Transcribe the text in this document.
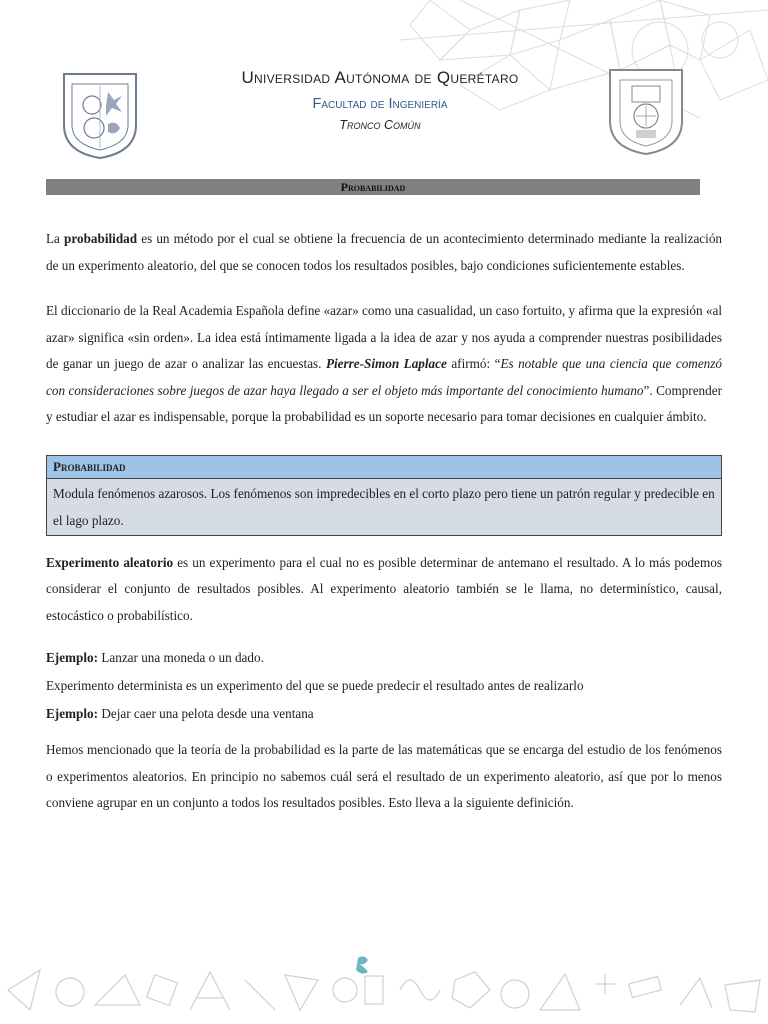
Universidad Autónoma de Querétaro
Facultad de Ingeniería
Tronco Común
Probabilidad

La probabilidad es un método por el cual se obtiene la frecuencia de un acontecimiento determinado mediante la realización de un experimento aleatorio, del que se conocen todos los resultados posibles, bajo condiciones suficientemente estables.

El diccionario de la Real Academia Española define «azar» como una casualidad, un caso fortuito, y afirma que la expresión «al azar» significa «sin orden». La idea está íntimamente ligada a la idea de azar y nos ayuda a comprender nuestras posibilidades de ganar un juego de azar o analizar las encuestas. Pierre-Simon Laplace afirmó: “Es notable que una ciencia que comenzó con consideraciones sobre juegos de azar haya llegado a ser el objeto más importante del conocimiento humano”. Comprender y estudiar el azar es indispensable, porque la probabilidad es un soporte necesario para tomar decisiones en cualquier ámbito.

Probabilidad
Modula fenómenos azarosos. Los fenómenos son impredecibles en el corto plazo pero tiene un patrón regular y predecible en el lago plazo.

Experimento aleatorio es un experimento para el cual no es posible determinar de antemano el resultado. A lo más podemos considerar el conjunto de resultados posibles. Al experimento aleatorio también se le llama, no determinístico, causal, estocástico o probabilístico.

Ejemplo: Lanzar una moneda o un dado.

Experimento determinista es un experimento del que se puede predecir el resultado antes de realizarlo

Ejemplo: Dejar caer una pelota desde una ventana

Hemos mencionado que la teoría de la probabilidad es la parte de las matemáticas que se encarga del estudio de los fenómenos o experimentos aleatorios. En principio no sabemos cuál será el resultado de un experimento aleatorio, así que por lo menos conviene agrupar en un conjunto a todos los resultados posibles. Esto lleva a la siguiente definición.
